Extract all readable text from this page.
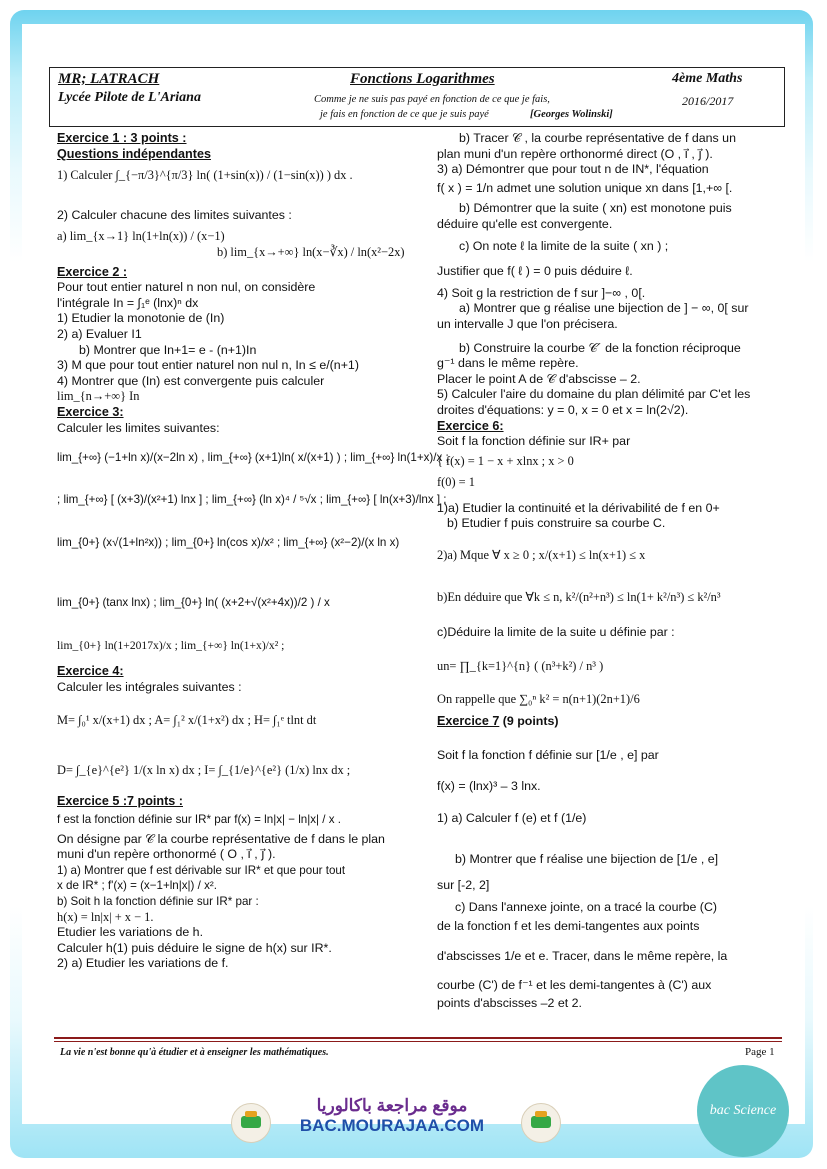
MR; LATRACH
Lycée Pilote de L'Ariana
Fonctions Logarithmes
Comme je ne suis pas payé en fonction de ce que je fais,
je fais en fonction de ce que je suis payé	[Georges Wolinski]
4ème Maths
2016/2017
Exercice 1 : 3 points :
Questions indépendantes
1) Calculer ∫_{−π/3}^{π/3} ln( (1+sin(x)) / (1−sin(x)) ) dx .
2) Calculer chacune des limites suivantes :
a) lim_{x→1} ln(1+ln(x)) / (x−1)
b) lim_{x→+∞} ln(x−∛x) / ln(x²−2x)
Exercice 2 :
Pour tout entier naturel n non nul, on considère
l'intégrale In = ∫₁ᵉ (lnx)ⁿ dx
1) Etudier la monotonie de (In)
2) a) Evaluer I1
b) Montrer que In+1= e - (n+1)In
3) M que pour tout entier naturel non nul n, In ≤ e/(n+1)
4) Montrer que (In) est convergente puis calculer
lim_{n→+∞} In
Exercice 3:
Calculer les limites suivantes:
lim_{+∞} (−1+ln x)/(x−2ln x) , lim_{+∞} (x+1)ln( x/(x+1) ) ; lim_{+∞} ln(1+x)/x ;
; lim_{+∞} [ (x+3)/(x²+1) lnx ] ; lim_{+∞} (ln x)⁴ / ⁵√x ; lim_{+∞} [ ln(x+3)/lnx ] ;
lim_{0+} (x√(1+ln²x)) ; lim_{0+} ln(cos x)/x² ; lim_{+∞} (x²−2)/(x ln x)
lim_{0+} (tanx lnx) ; lim_{0+} ln( (x+2+√(x²+4x))/2 ) / x
lim_{0+} ln(1+2017x)/x ; lim_{+∞} ln(1+x)/x² ;
Exercice 4:
Calculer les intégrales suivantes :
M= ∫₀¹ x/(x+1) dx ; A= ∫₁² x/(1+x²) dx ; H= ∫₁ᵉ tlnt dt
D= ∫_{e}^{e²} 1/(x ln x) dx ; I= ∫_{1/e}^{e²} (1/x) lnx dx ;
Exercice 5 :7 points :
f est la fonction définie sur IR* par f(x) = ln|x| − ln|x| / x .
On désigne par 𝒞 la courbe représentative de f dans le plan
muni d'un repère orthonormé ( O , i⃗ , j⃗ ).
1) a) Montrer que f est dérivable sur IR* et que pour tout
x de IR* ; f'(x) = (x−1+ln|x|) / x².
b) Soit h la fonction définie sur IR* par :
h(x) = ln|x| + x − 1.
Etudier les variations de h.
Calculer h(1) puis déduire le signe de h(x) sur IR*.
2) a) Etudier les variations de f.
b) Tracer 𝒞 , la courbe représentative de f dans un
plan muni d'un repère orthonormé direct (O , i⃗ , j⃗ ).
3) a) Démontrer que pour tout n de IN*, l'équation
f( x ) = 1/n admet une solution unique xn dans [1,+∞ [.
b) Démontrer que la suite ( xn) est monotone puis
déduire qu'elle est convergente.
c) On note ℓ la limite de la suite ( xn ) ;
Justifier que f( ℓ ) = 0 puis déduire ℓ.
4) Soit g la restriction de f sur ]−∞ , 0[.
a) Montrer que g réalise une bijection de ] − ∞, 0[ sur
un intervalle J que l'on précisera.
b) Construire la courbe 𝒞´ de la fonction réciproque
g⁻¹ dans le même repère.
Placer le point A de 𝒞 d'abscisse – 2.
5) Calculer l'aire du domaine du plan délimité par C'et les
droites d'équations: y = 0, x = 0 et x = ln(2√2).
Exercice 6:
Soit f la fonction définie sur IR+ par
{ f(x) = 1 − x + xlnx ; x > 0
f(0) = 1
1)a) Etudier la continuité et la dérivabilité de f en 0+
b) Etudier f puis construire sa courbe C.
2)a) Mque ∀ x ≥ 0 ; x/(x+1) ≤ ln(x+1) ≤ x
b)En déduire que ∀k ≤ n, k²/(n²+n³) ≤ ln(1+ k²/n³) ≤ k²/n³
c)Déduire la limite de la suite u définie par :
un= ∏_{k=1}^{n} ( (n³+k²) / n³ )
On rappelle que ∑₀ⁿ k² = n(n+1)(2n+1)/6
Exercice 7 (9 points)
Soit f la fonction f définie sur [1/e , e] par
f(x) = (lnx)³ – 3 lnx.
1) a) Calculer f (e) et f (1/e)
b) Montrer que f réalise une bijection de [1/e , e]
sur [-2, 2]
c) Dans l'annexe jointe, on a tracé la courbe (C)
de la fonction f et les demi-tangentes aux points
d'abscisses 1/e et e. Tracer, dans le même repère, la
courbe (C') de f⁻¹ et les demi-tangentes à (C') aux
points d'abscisses –2 et 2.
La vie n'est bonne qu'à étudier et à enseigner les mathématiques.	Page 1
موقع مراجعة باكالوريا
BAC.MOURAJAA.COM
bac Science
